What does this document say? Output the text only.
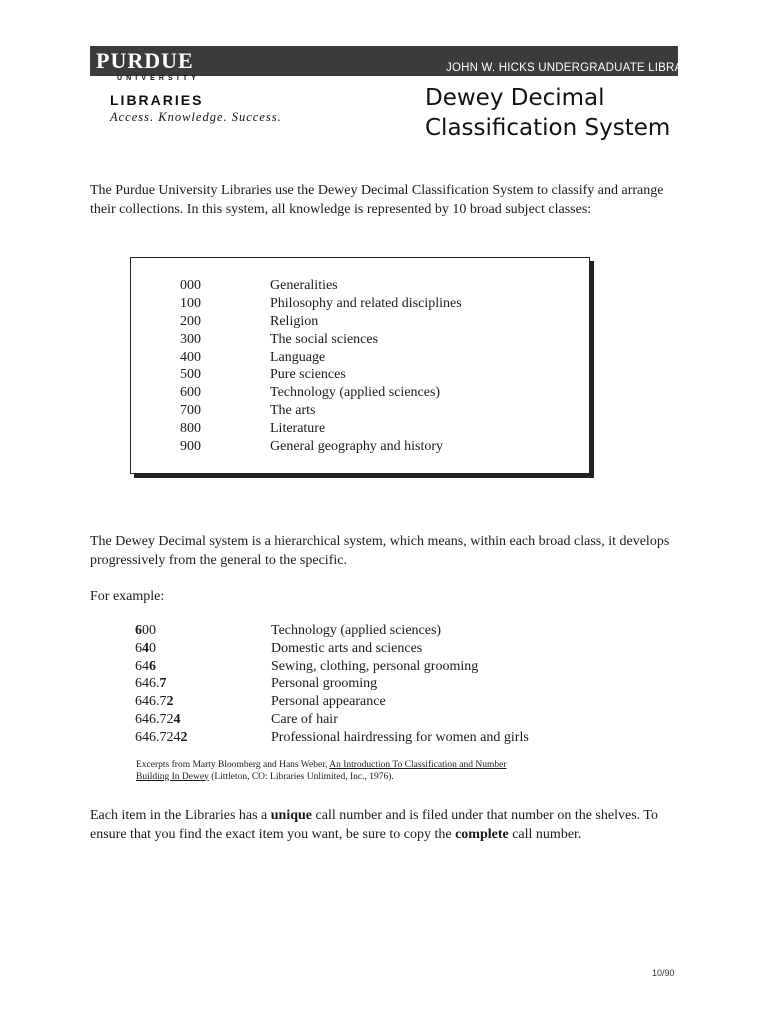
PURDUE
UNIVERSITY
JOHN W. HICKS UNDERGRADUATE LIBRARY
LIBRARIES
Access. Knowledge. Success.
Dewey Decimal
Classification System

The Purdue University Libraries use the Dewey Decimal Classification System to classify and arrange their collections. In this system, all knowledge is represented by 10 broad subject classes:

000	Generalities
100	Philosophy and related disciplines
200	Religion
300	The social sciences
400	Language
500	Pure sciences
600	Technology (applied sciences)
700	The arts
800	Literature
900	General geography and history

The Dewey Decimal system is a hierarchical system, which means, within each broad class, it develops progressively from the general to the specific.

For example:

600	Technology (applied sciences)
640	Domestic arts and sciences
646	Sewing, clothing, personal grooming
646.7	Personal grooming
646.72	Personal appearance
646.724	Care of hair
646.7242	Professional hairdressing for women and girls

Excerpts from Marty Bloomberg and Hans Weber, An Introduction To Classification and Number
Building In Dewey (Littleton, CO: Libraries Unlimited, Inc., 1976).

Each item in the Libraries has a unique call number and is filed under that number on the shelves. To ensure that you find the exact item you want, be sure to copy the complete call number.

10/90
